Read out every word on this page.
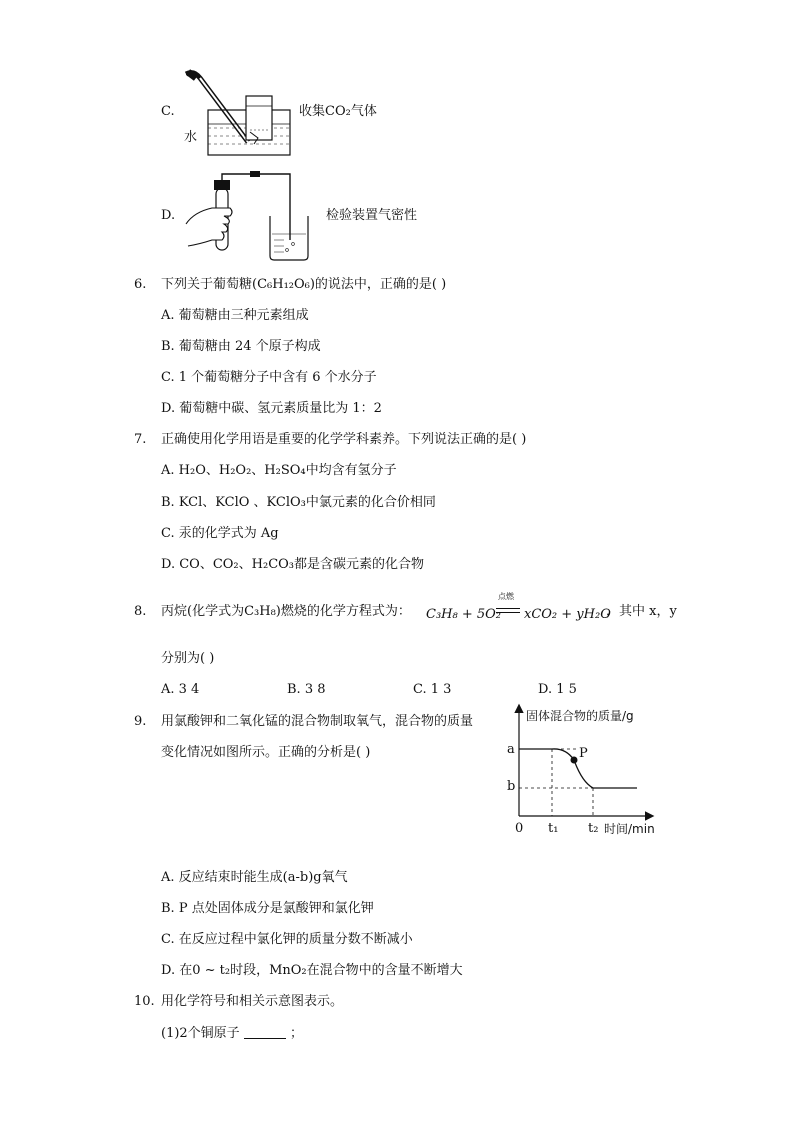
C.
水
收集CO₂气体
D.	检验装置气密性
6. 下列关于葡萄糖(C₆H₁₂O₆)的说法中，正确的是( )
A. 葡萄糖由三种元素组成
B. 葡萄糖由 24 个原子构成
C. 1 个葡萄糖分子中含有 6 个水分子
D. 葡萄糖中碳、氢元素质量比为 1：2
7. 正确使用化学用语是重要的化学学科素养。下列说法正确的是( )
A. H₂O、H₂O₂、H₂SO₄中均含有氢分子
B. KCl、KClO 、KClO₃中氯元素的化合价相同
C. 汞的化学式为 Ag
D. CO、CO₂、H₂CO₃都是含碳元素的化合物
8. 丙烷(化学式为C₃H₈)燃烧的化学方程式为： C₃H₈ + 5O₂
点燃
xCO₂ + yH₂O
，其中 x，y
分别为( )
A. 3 4	B. 3 8	C. 1 3	D. 1 5
9. 用氯酸钾和二氧化锰的混合物制取氧气，混合物的质量
变化情况如图所示。正确的分析是( )
固体混合物的质量/g
a
b
P
0 t₁ t₂ 时间/min
A. 反应结束时能生成(a-b)g氧气
B. P 点处固体成分是氯酸钾和氯化钾
C. 在反应过程中氯化钾的质量分数不断减小
D. 在0 ~ t₂时段，MnO₂在混合物中的含量不断增大
10. 用化学符号和相关示意图表示。
(1)2个铜原子	；
